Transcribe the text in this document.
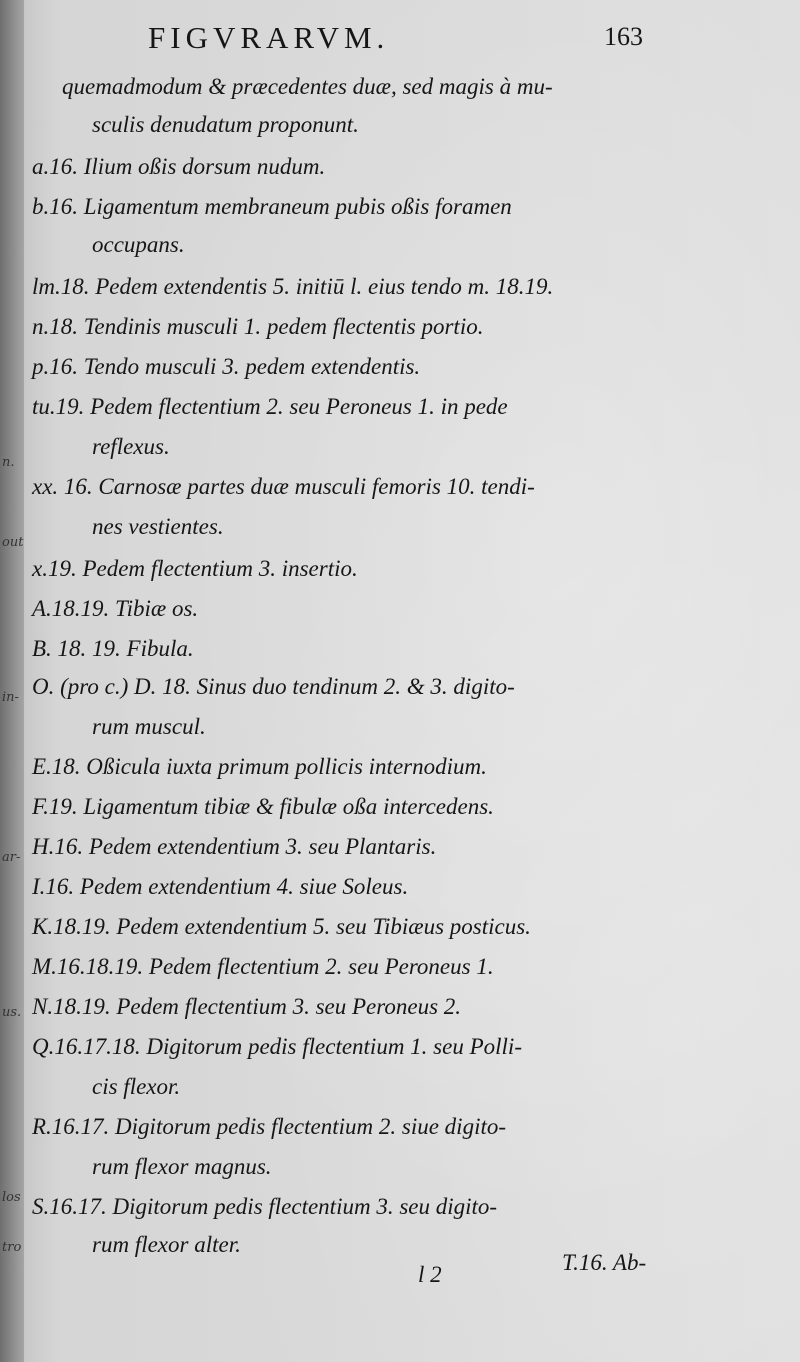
n.
out
in-
ar-
us.
los
tro
FIGVRARVM.	163
quemadmodum & præcedentes duæ, sed magis à mu-
sculis denudatum proponunt.
a.16. Ilium oßis dorsum nudum.
b.16. Ligamentum membraneum pubis oßis foramen
occupans.
lm.18. Pedem extendentis 5. initiū l. eius tendo m. 18.19.
n.18. Tendinis musculi 1. pedem flectentis portio.
p.16. Tendo musculi 3. pedem extendentis.
tu.19. Pedem flectentium 2. seu Peroneus 1. in pede
reflexus.
xx. 16. Carnosæ partes duæ musculi femoris 10. tendi-
nes vestientes.
x.19. Pedem flectentium 3. insertio.
A.18.19. Tibiæ os.
B. 18. 19. Fibula.
O. (pro c.) D. 18. Sinus duo tendinum 2. & 3. digito-
rum muscul.
E.18. Oßicula iuxta primum pollicis internodium.
F.19. Ligamentum tibiæ & fibulæ oßa intercedens.
H.16. Pedem extendentium 3. seu Plantaris.
I.16. Pedem extendentium 4. siue Soleus.
K.18.19. Pedem extendentium 5. seu Tibiæus posticus.
M.16.18.19. Pedem flectentium 2. seu Peroneus 1.
N.18.19. Pedem flectentium 3. seu Peroneus 2.
Q.16.17.18. Digitorum pedis flectentium 1. seu Polli-
cis flexor.
R.16.17. Digitorum pedis flectentium 2. siue digito-
rum flexor magnus.
S.16.17. Digitorum pedis flectentium 3. seu digito-
rum flexor alter.
l 2	T.16. Ab-
